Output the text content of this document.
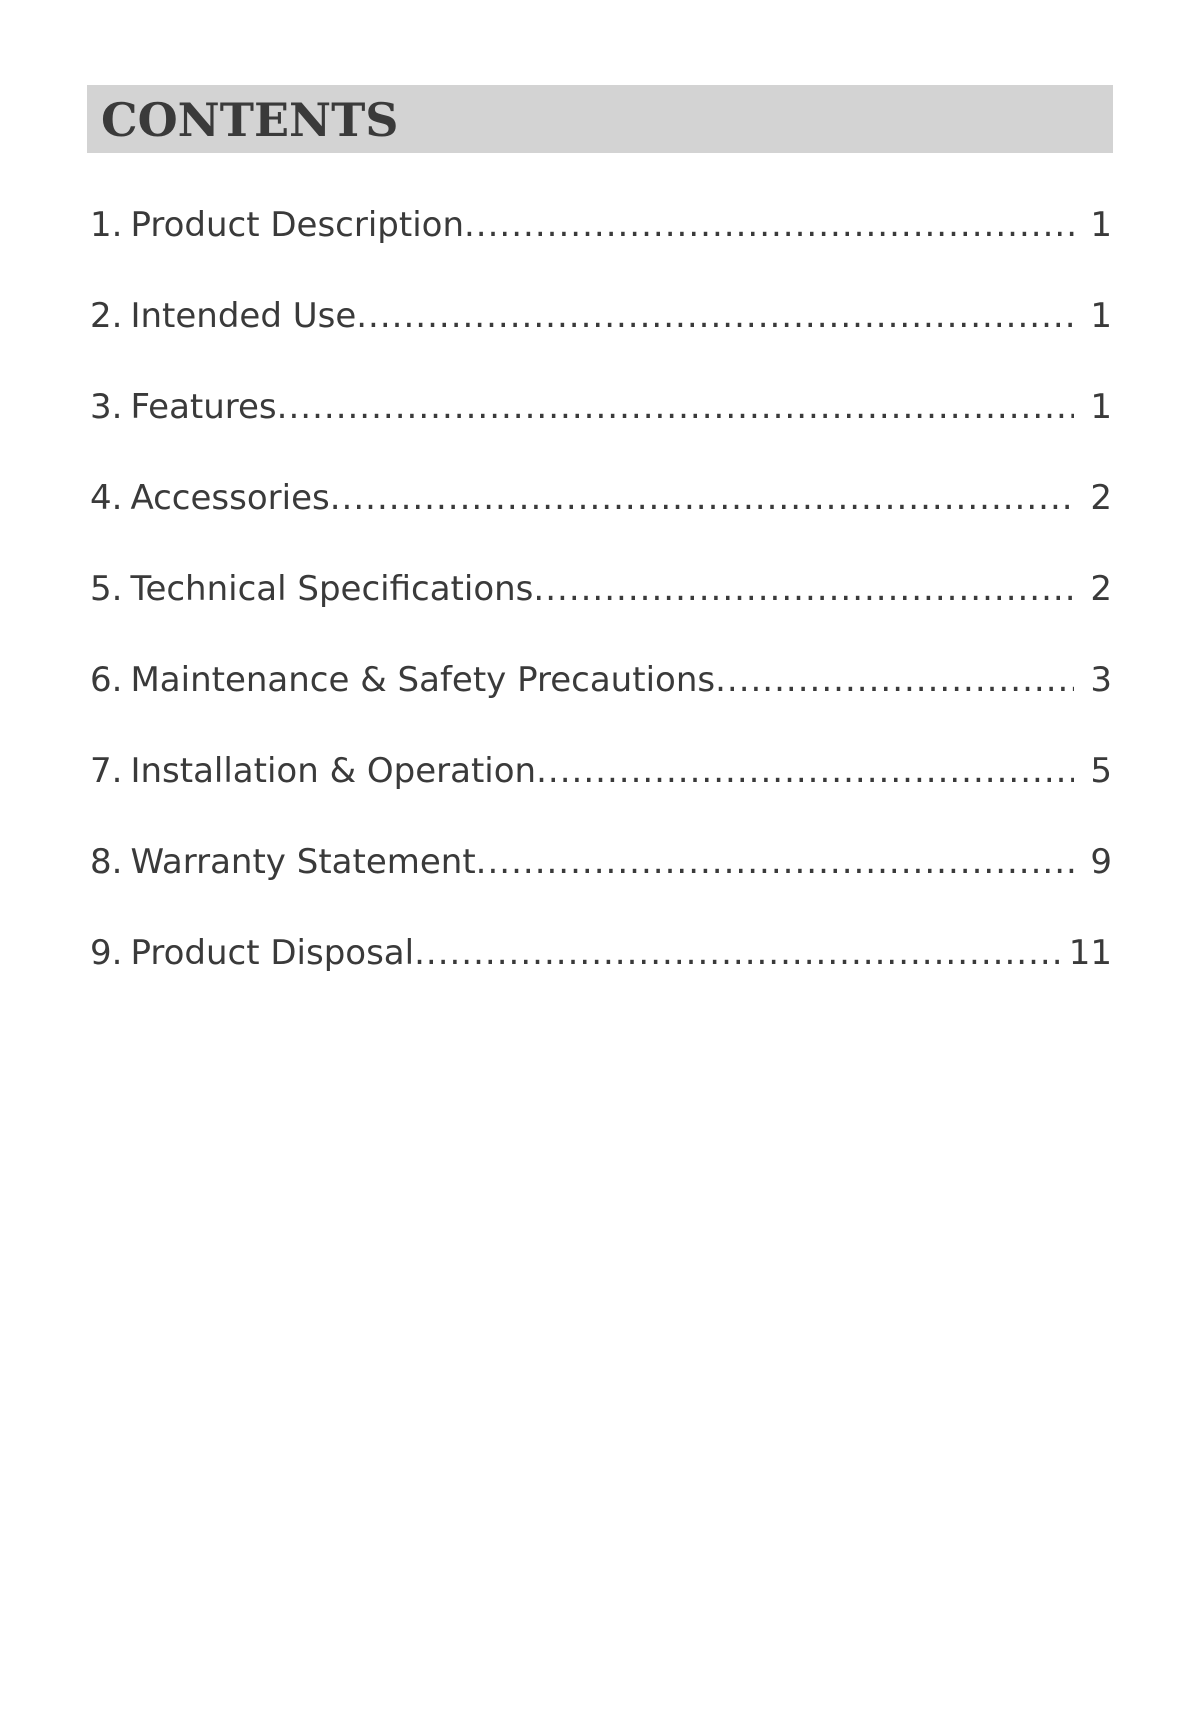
CONTENTS
1. Product Description .....	1
2. Intended Use .....	1
3. Features .....	1
4. Accessories .....	2
5. Technical Specifications .....	2
6. Maintenance & Safety Precautions .....	3
7. Installation & Operation .....	5
8. Warranty Statement .....	9
9. Product Disposal .....	11
